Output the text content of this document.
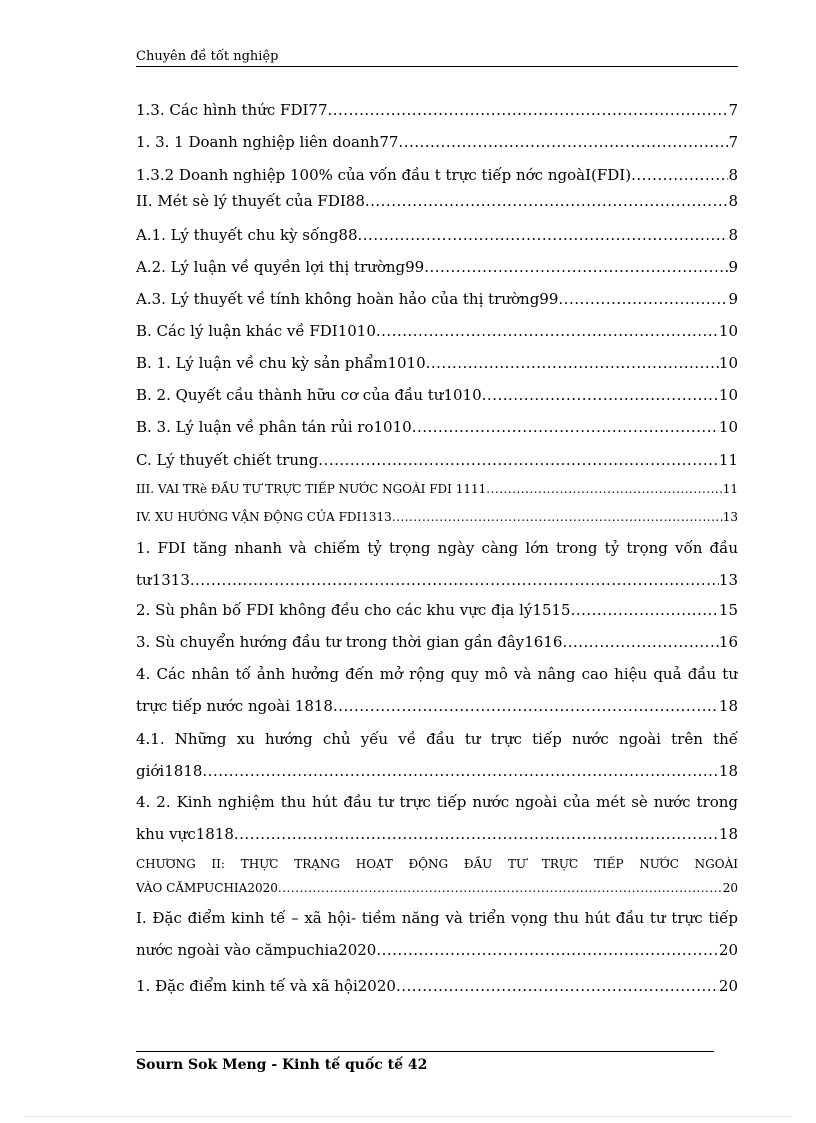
Chuyên đề tốt nghiệp
1.3. Các hình thức FDI77 .....	7
1. 3. 1 Doanh nghiệp liên doanh77 .....	7
1.3.2 Doanh nghiệp 100% của vốn đầu t trực tiếp nớc ngoàI(FDI) .....	8
II. Mét sè lý thuyết của FDI88 .....	8
A.1. Lý thuyết chu kỳ sống88 .....	8
A.2. Lý luận về quyền lợi thị trường99 .....	9
A.3. Lý thuyết về tính không hoàn hảo của thị trường99 .....	9
B. Các lý luận khác về FDI1010 .....	10
B. 1. Lý luận về chu kỳ sản phẩm1010 .....	10
B. 2. Quyết cầu thành hữu cơ của đầu tư1010 .....	10
B. 3. Lý luận về phân tán rủi ro1010 .....	10
C. Lý thuyết chiết trung .....	11
III. VAI TRè ĐẦU TƯ TRỰC TIẾP NƯỚC NGOÀI FDI 1111 .....	11
IV. XU HƯỚNG VẬN ĐỘNG CỦA FDI1313 .....	13
1. FDI tăng nhanh và chiếm tỷ trọng ngày càng lớn trong tỷ trọng vốn đầu
tư1313 .....	13
2. Sù phân bố FDI không đều cho các khu vực địa lý1515 .....	15
3. Sù chuyển hướng đầu tư trong thời gian gần đây1616 .....	16
4. Các nhân tố ảnh hưởng đến mở rộng quy mô và nâng cao hiệu quả đầu tư
trực tiếp nước ngoài 1818 .....	18
4.1. Những xu hướng chủ yếu về đầu tư trực tiếp nước ngoài trên thế
giới1818 .....	18
4. 2. Kinh nghiệm thu hút đầu tư trực tiếp nước ngoài của mét sè nước trong
khu vực1818 .....	18
CHƯƠNG II: THỰC TRẠNG HOẠT ĐỘNG ĐẦU TƯ TRỰC TIẾP NƯỚC NGOÀI
VÀO CĂMPUCHIA2020 .....	20
I. Đặc điểm kinh tế – xã hội- tiềm năng và triển vọng thu hút đầu tư trực tiếp
nước ngoài vào cămpuchia2020 .....	20
1. Đặc điểm kinh tế và xã hội2020 .....	20
Sourn Sok Meng - Kinh tế quốc tế 42
